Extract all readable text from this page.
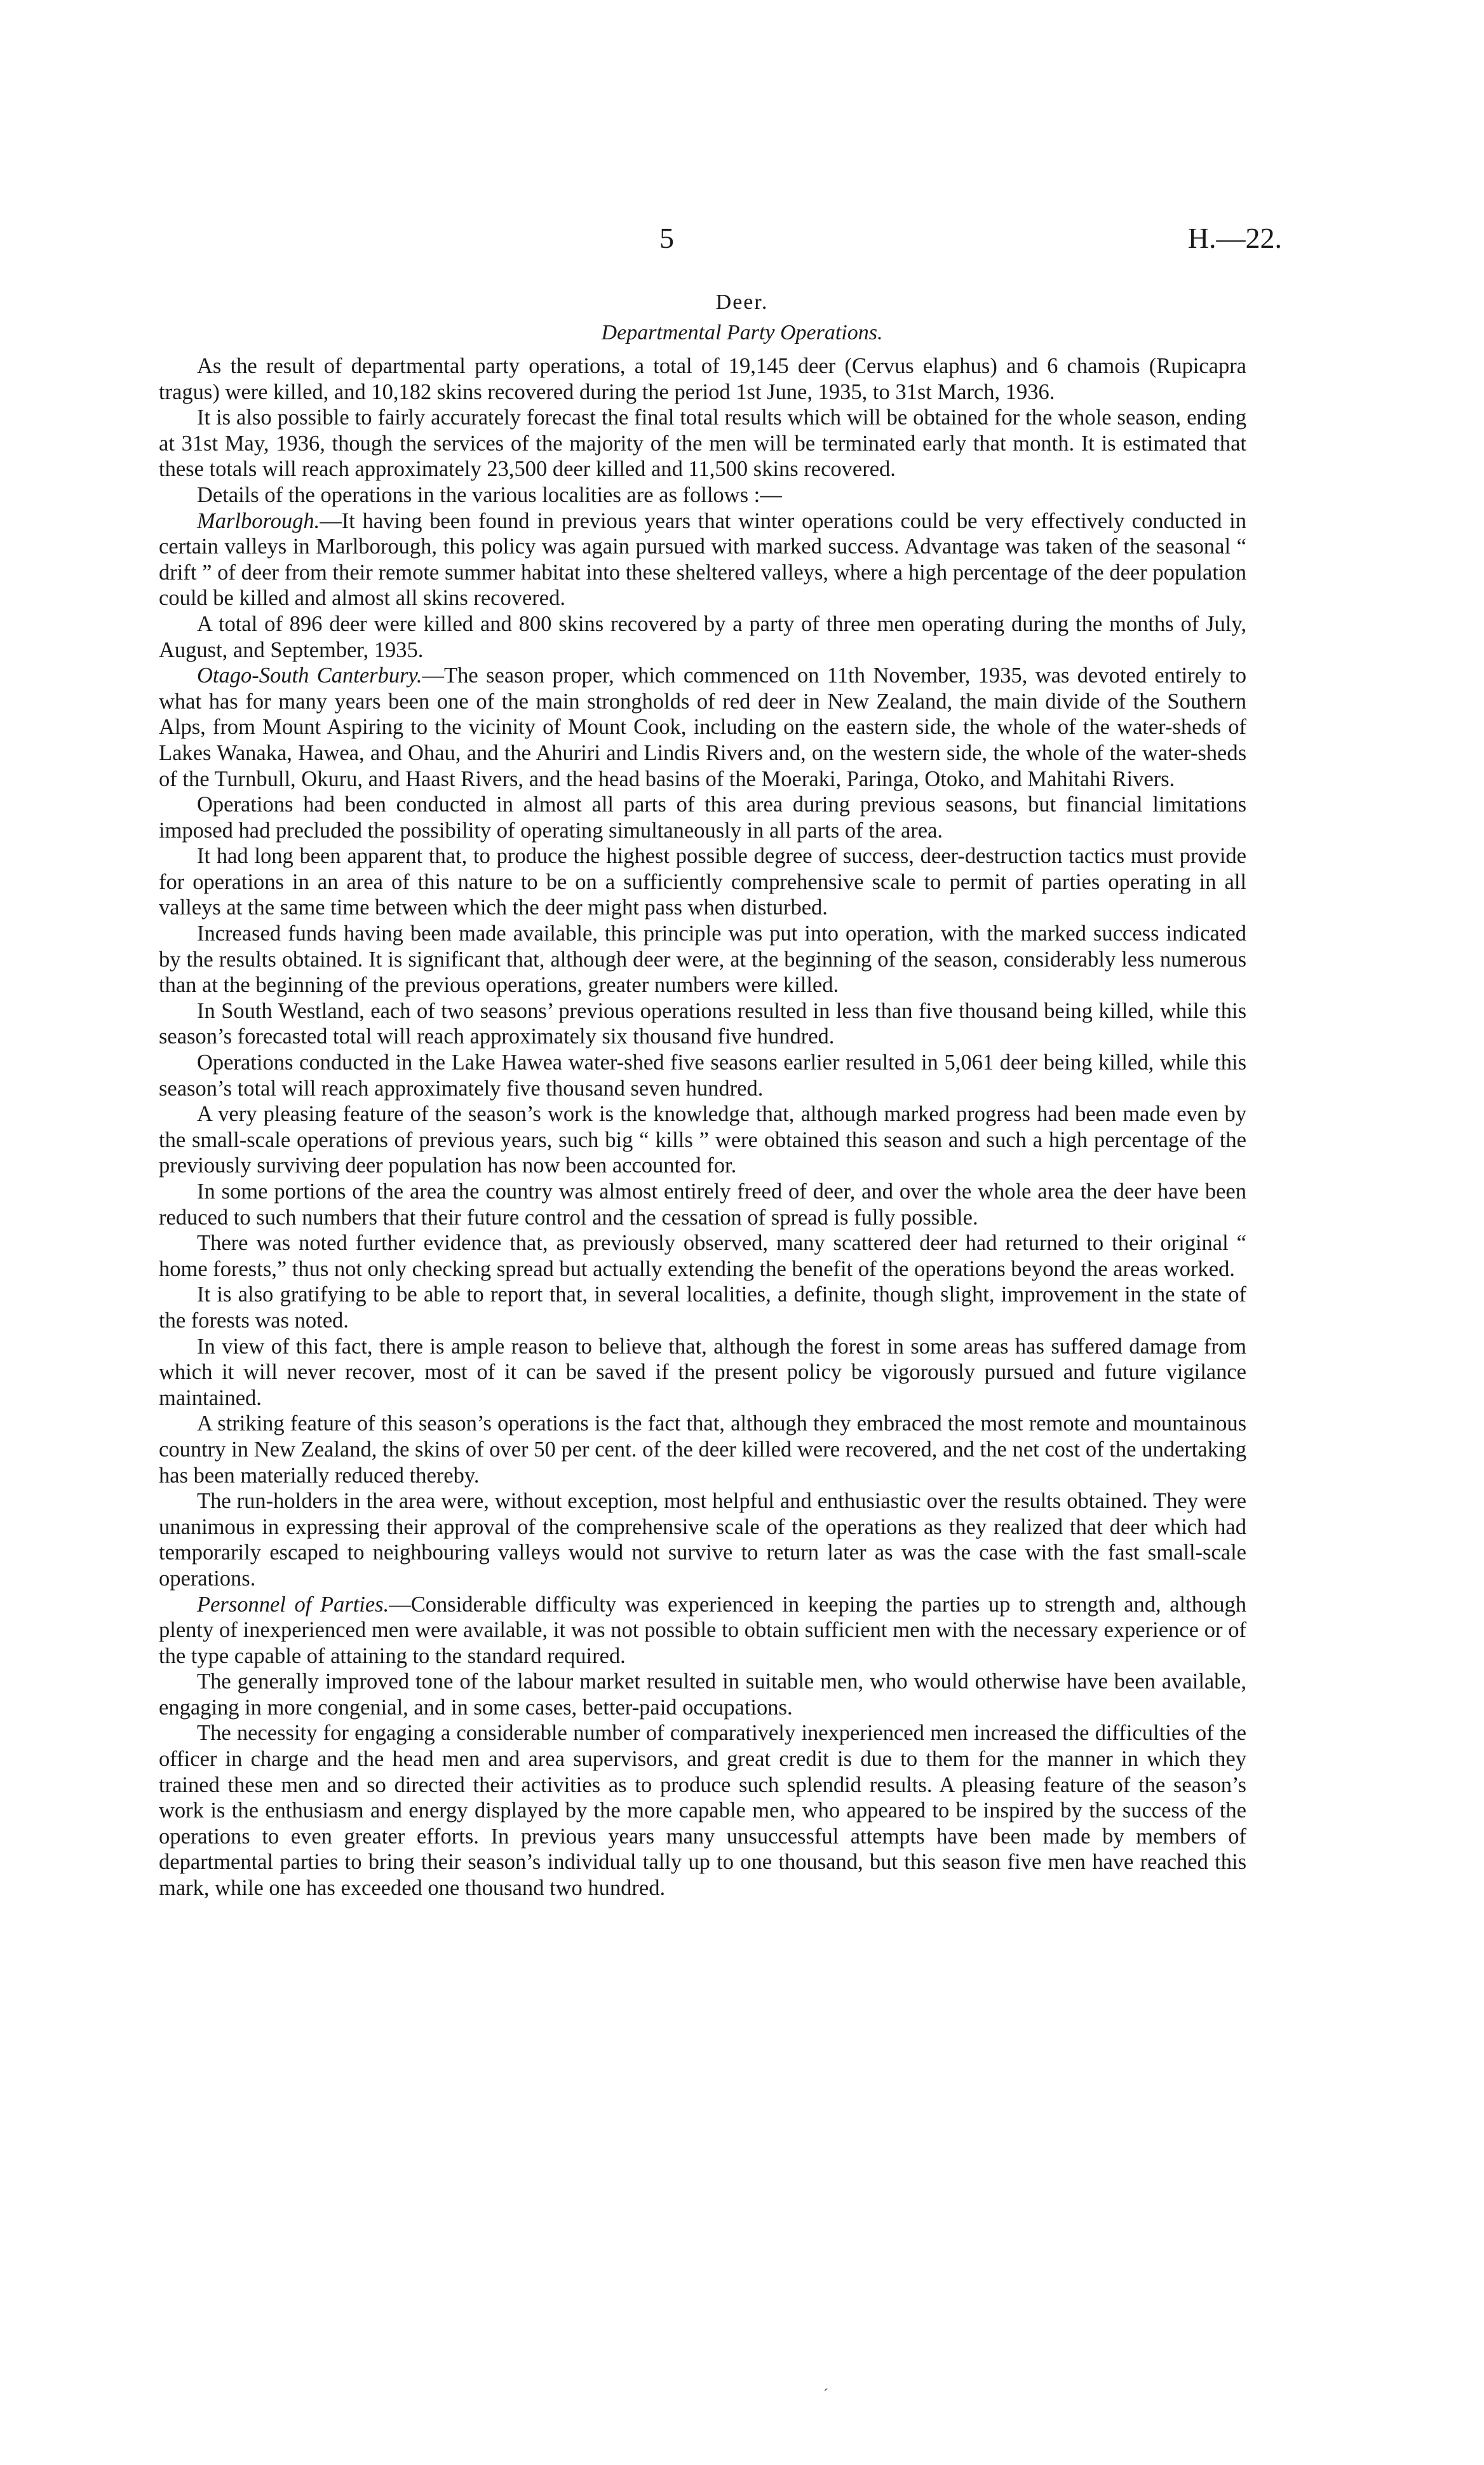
5	H.—22.
Deer.
Departmental Party Operations.

As the result of departmental party operations, a total of 19,145 deer (Cervus elaphus) and 6 chamois (Rupicapra tragus) were killed, and 10,182 skins recovered during the period 1st June, 1935, to 31st March, 1936.

It is also possible to fairly accurately forecast the final total results which will be obtained for the whole season, ending at 31st May, 1936, though the services of the majority of the men will be terminated early that month. It is estimated that these totals will reach approximately 23,500 deer killed and 11,500 skins recovered.

Details of the operations in the various localities are as follows :—

Marlborough.—It having been found in previous years that winter operations could be very effectively conducted in certain valleys in Marlborough, this policy was again pursued with marked success. Advantage was taken of the seasonal “ drift ” of deer from their remote summer habitat into these sheltered valleys, where a high percentage of the deer population could be killed and almost all skins recovered.

A total of 896 deer were killed and 800 skins recovered by a party of three men operating during the months of July, August, and September, 1935.

Otago-South Canterbury.—The season proper, which commenced on 11th November, 1935, was devoted entirely to what has for many years been one of the main strongholds of red deer in New Zealand, the main divide of the Southern Alps, from Mount Aspiring to the vicinity of Mount Cook, including on the eastern side, the whole of the water-sheds of Lakes Wanaka, Hawea, and Ohau, and the Ahuriri and Lindis Rivers and, on the western side, the whole of the water-sheds of the Turnbull, Okuru, and Haast Rivers, and the head basins of the Moeraki, Paringa, Otoko, and Mahitahi Rivers.

Operations had been conducted in almost all parts of this area during previous seasons, but financial limitations imposed had precluded the possibility of operating simultaneously in all parts of the area.

It had long been apparent that, to produce the highest possible degree of success, deer-destruction tactics must provide for operations in an area of this nature to be on a sufficiently comprehensive scale to permit of parties operating in all valleys at the same time between which the deer might pass when disturbed.

Increased funds having been made available, this principle was put into operation, with the marked success indicated by the results obtained. It is significant that, although deer were, at the beginning of the season, considerably less numerous than at the beginning of the previous operations, greater numbers were killed.

In South Westland, each of two seasons’ previous operations resulted in less than five thousand being killed, while this season’s forecasted total will reach approximately six thousand five hundred.

Operations conducted in the Lake Hawea water-shed five seasons earlier resulted in 5,061 deer being killed, while this season’s total will reach approximately five thousand seven hundred.

A very pleasing feature of the season’s work is the knowledge that, although marked progress had been made even by the small-scale operations of previous years, such big “ kills ” were obtained this season and such a high percentage of the previously surviving deer population has now been accounted for.

In some portions of the area the country was almost entirely freed of deer, and over the whole area the deer have been reduced to such numbers that their future control and the cessation of spread is fully possible.

There was noted further evidence that, as previously observed, many scattered deer had returned to their original “ home forests,” thus not only checking spread but actually extending the benefit of the operations beyond the areas worked.

It is also gratifying to be able to report that, in several localities, a definite, though slight, improvement in the state of the forests was noted.

In view of this fact, there is ample reason to believe that, although the forest in some areas has suffered damage from which it will never recover, most of it can be saved if the present policy be vigorously pursued and future vigilance maintained.

A striking feature of this season’s operations is the fact that, although they embraced the most remote and mountainous country in New Zealand, the skins of over 50 per cent. of the deer killed were recovered, and the net cost of the undertaking has been materially reduced thereby.

The run-holders in the area were, without exception, most helpful and enthusiastic over the results obtained. They were unanimous in expressing their approval of the comprehensive scale of the operations as they realized that deer which had temporarily escaped to neighbouring valleys would not survive to return later as was the case with the fast small-scale operations.

Personnel of Parties.—Considerable difficulty was experienced in keeping the parties up to strength and, although plenty of inexperienced men were available, it was not possible to obtain sufficient men with the necessary experience or of the type capable of attaining to the standard required.

The generally improved tone of the labour market resulted in suitable men, who would otherwise have been available, engaging in more congenial, and in some cases, better-paid occupations.

The necessity for engaging a considerable number of comparatively inexperienced men increased the difficulties of the officer in charge and the head men and area supervisors, and great credit is due to them for the manner in which they trained these men and so directed their activities as to produce such splendid results. A pleasing feature of the season’s work is the enthusiasm and energy displayed by the more capable men, who appeared to be inspired by the success of the operations to even greater efforts. In previous years many unsuccessful attempts have been made by members of departmental parties to bring their season’s individual tally up to one thousand, but this season five men have reached this mark, while one has exceeded one thousand two hundred.

´
